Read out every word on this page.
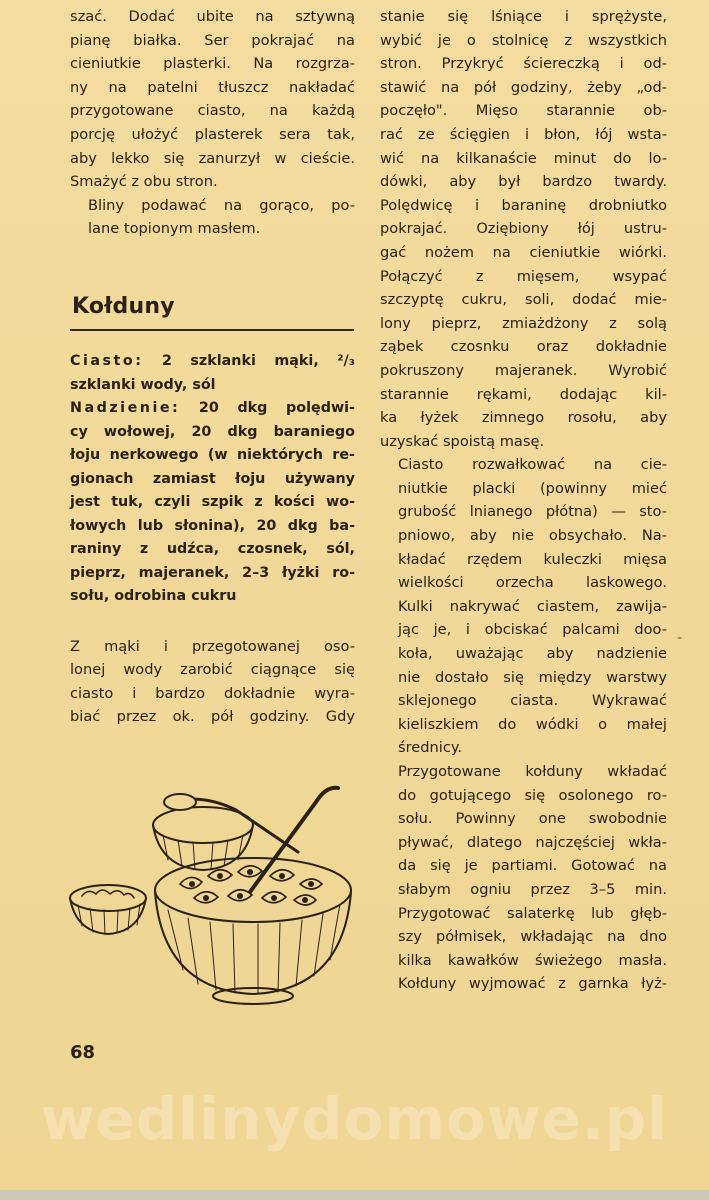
szać. Dodać ubite na sztywną
pianę białka. Ser pokrajać na
cieniutkie plasterki. Na rozgrza-
ny na patelni tłuszcz nakładać
przygotowane ciasto, na każdą
porcję ułożyć plasterek sera tak,
aby lekko się zanurzył w cieście.
Smażyć z obu stron.

Bliny podawać na gorąco, po-
lane topionym masłem.

Kołduny
Ciasto: 2 szklanki mąki, ²/₃
szklanki wody, sól
Nadzienie: 20 dkg polędwi-
cy wołowej, 20 dkg baraniego
łoju nerkowego (w niektórych re-
gionach zamiast łoju używany
jest tuk, czyli szpik z kości wo-
łowych lub słonina), 20 dkg ba-
raniny z udźca, czosnek, sól,
pieprz, majeranek, 2–3 łyżki ro-
sołu, odrobina cukru

Z mąki i przegotowanej oso-
lonej wody zarobić ciągnące się
ciasto i bardzo dokładnie wyra-
biać przez ok. pół godziny. Gdy

stanie się lśniące i sprężyste,
wybić je o stolnicę z wszystkich
stron. Przykryć ściereczką i od-
stawić na pół godziny, żeby „od-
poczęło". Mięso starannie ob-
rać ze ścięgien i błon, łój wsta-
wić na kilkanaście minut do lo-
dówki, aby był bardzo twardy.
Polędwicę i baraninę drobniutko
pokrajać. Oziębiony łój ustru-
gać nożem na cieniutkie wiórki.
Połączyć z mięsem, wsypać
szczyptę cukru, soli, dodać mie-
lony pieprz, zmiażdżony z solą
ząbek czosnku oraz dokładnie
pokruszony majeranek. Wyrobić
starannie rękami, dodając kil-
ka łyżek zimnego rosołu, aby
uzyskać spoistą masę.

Ciasto rozwałkować na cie-
niutkie placki (powinny mieć
grubość lnianego płótna) — sto-
pniowo, aby nie obsychało. Na-
kładać rzędem kuleczki mięsa
wielkości orzecha laskowego.
Kulki nakrywać ciastem, zawija-
jąc je, i obciskać palcami doo-
koła, uważając aby nadzienie
nie dostało się między warstwy
sklejonego ciasta. Wykrawać
kieliszkiem do wódki o małej
średnicy.

Przygotowane kołduny wkładać
do gotującego się osolonego ro-
sołu. Powinny one swobodnie
pływać, dlatego najczęściej wkła-
da się je partiami. Gotować na
słabym ogniu przez 3–5 min.
Przygotować salaterkę lub głęb-
szy półmisek, wkładając na dno
kilka kawałków świeżego masła.
Kołduny wyjmować z garnka łyż-

-
68
wedlinydomowe.pl
